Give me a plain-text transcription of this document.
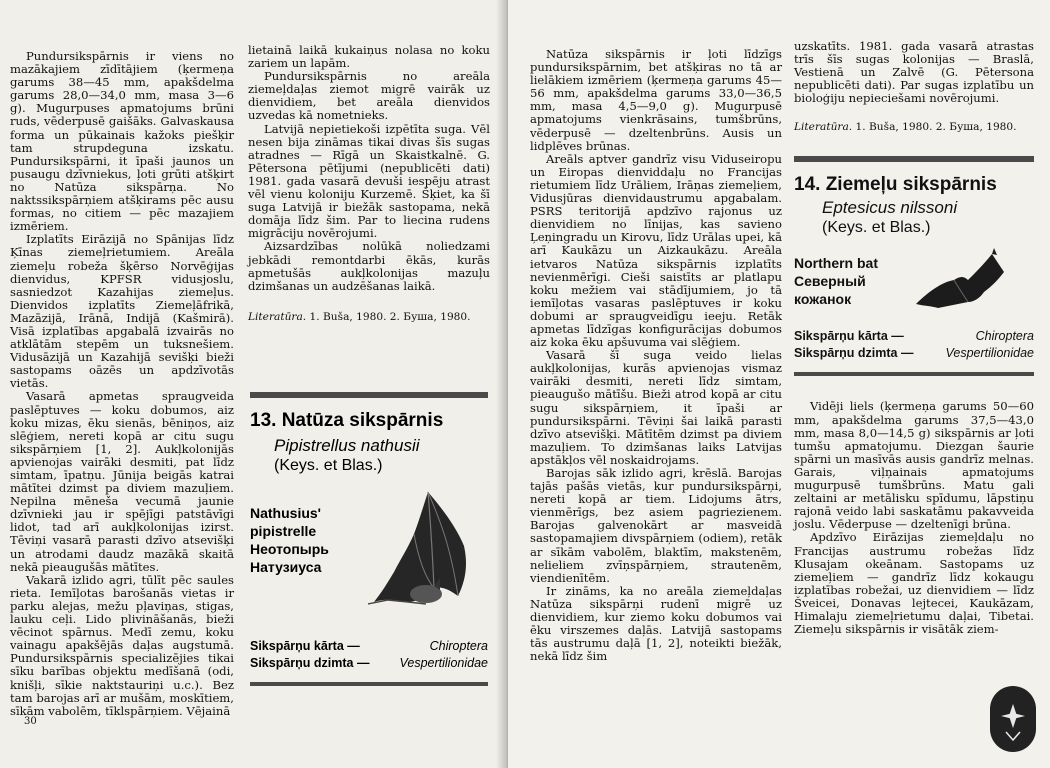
Pundursikspārnis ir viens no mazākajiem zīdītājiem (ķermeņa garums 38—45 mm, apakšdelma garums 28,0—34,0 mm, masa 3—6 g). Mugurpuses apmatojums brūni ruds, vēderpusē gaišāks. Galvaskausa forma un pūkainais kažoks piešķir tam strupdeguna izskatu. Pundursikspārni, it īpaši jaunos un pusaugu dzīvniekus, ļoti grūti atšķirt no Natūza sikspārņa. No naktssikspārņiem atšķirams pēc ausu formas, no citiem — pēc mazajiem izmēriem.

Izplatīts Eirāzijā no Spānijas līdz Ķīnas ziemeļrietumiem. Areāla ziemeļu robeža šķērso Norvēģijas dienvidus, KPFSR vidusjoslu, sasniedzot Kazahijas ziemeļus. Dienvidos izplatīts Ziemeļāfrikā, Mazāzijā, Irānā, Indijā (Kašmirā). Visā izplatības apgabalā izvairās no atklātām stepēm un tuksnešiem. Vidusāzijā un Kazahijā sevišķi bieži sastopams oāzēs un apdzīvotās vietās.

Vasarā apmetas spraugveida paslēptuves — koku dobumos, aiz koku mizas, ēku sienās, bēniņos, aiz slēģiem, nereti kopā ar citu sugu sikspārņiem [1, 2]. Aukļkolonijās apvienojas vairāki desmiti, pat līdz simtam, īpatņu. Jūnija beigās katrai mātītei dzimst pa diviem mazuļiem. Nepilna mēneša vecumā jaunie dzīvnieki jau ir spējīgi patstāvīgi lidot, tad arī aukļkolonijas izirst. Tēviņi vasarā parasti dzīvo atsevišķi un atrodami daudz mazākā skaitā nekā pieaugušās mātītes.

Vakarā izlido agri, tūlīt pēc saules rieta. Iemīļotas barošanās vietas ir parku alejas, mežu pļaviņas, stigas, lauku ceļi. Lido plivināšanās, bieži vēcinot spārnus. Medī zemu, koku vainagu apakšējās daļas augstumā. Pundursikspārnis specializējies tikai sīku barības objektu medīšanā (odi, knišļi, sīkie naktstauriņi u.c.). Bez tam barojas arī ar mušām, moskītiem, sīkām vabolēm, tīklspārņiem. Vējainā

lietainā laikā kukaiņus nolasa no koku zariem un lapām.

Pundursikspārnis no areāla ziemeļdaļas ziemot migrē vairāk uz dienvidiem, bet areāla dienvidos uzvedas kā nometnieks.

Latvijā nepietiekoši izpētīta suga. Vēl nesen bija zināmas tikai divas šīs sugas atradnes — Rīgā un Skaistkalnē. G. Pētersona pētījumi (nepublicēti dati) 1981. gada vasarā devuši iespēju atrast vēl vienu koloniju Kurzemē. Šķiet, ka šī suga Latvijā ir biežāk sastopama, nekā domāja līdz šim. Par to liecina rudens migrāciju novērojumi.

Aizsardzības nolūkā noliedzami jebkādi remontdarbi ēkās, kurās apmetušās aukļkolonijas mazuļu dzimšanas un audzēšanas laikā.

Literatūra. 1. Buša, 1980. 2. Буша, 1980.
13. Natūza sikspārnis
Pipistrellus nathusii
(Keys. et Blas.)
Nathusius'
pipistrelle
Неотопырь
Натузиуса
Sikspārņu kārta —	Chiroptera
Sikspārņu dzimta — Vespertilionidae
30

Natūza sikspārnis ir ļoti līdzīgs pundursikspārnim, bet atšķiras no tā ar lielākiem izmēriem (ķermeņa garums 45—56 mm, apakšdelma garums 33,0—36,5 mm, masa 4,5—9,0 g). Mugurpusē apmatojums vienkrāsains, tumšbrūns, vēderpusē — dzeltenbrūns. Ausis un lidplēves brūnas.

Areāls aptver gandrīz visu Viduseiropu un Eiropas dienviddaļu no Francijas rietumiem līdz Urāliem, Irāņas ziemeļiem, Vidusjūras dienvidaustrumu apgabalam. PSRS teritorijā apdzīvo rajonus uz dienvidiem no līnijas, kas savieno Ļeņingradu un Kirovu, līdz Urālas upei, kā arī Kaukāzu un Aizkaukāzu. Areāla ietvaros Natūza sikspārnis izplatīts nevienmērīgi. Cieši saistīts ar platlapu koku mežiem vai stādījumiem, jo tā iemīļotas vasaras paslēptuves ir koku dobumi ar spraugveidīgu ieeju. Retāk apmetas līdzīgas konfigurācijas dobumos aiz koka ēku apšuvuma vai slēģiem.

Vasarā šī suga veido lielas aukļkolonijas, kurās apvienojas vismaz vairāki desmiti, nereti līdz simtam, pieaugušo mātīšu. Bieži atrod kopā ar citu sugu sikspārņiem, it īpaši ar pundursikspārni. Tēviņi šai laikā parasti dzīvo atsevišķi. Mātītēm dzimst pa diviem mazuļiem. To dzimšanas laiks Latvijas apstākļos vēl noskaidrojams.

Barojas sāk izlido agri, krēslā. Barojas tajās pašās vietās, kur pundursikspārņi, nereti kopā ar tiem. Lidojums ātrs, vienmērīgs, bez asiem pagriezienem. Barojas galvenokārt ar masveidā sastopamajiem divspārņiem (odiem), retāk ar sīkām vabolēm, blaktīm, makstenēm, nelieliem zvīņspārņiem, strautenēm, viendienītēm.

Ir zināms, ka no areāla ziemeļdaļas Natūza sikspārņi rudenī migrē uz dienvidiem, kur ziemo koku dobumos vai ēku virszemes daļās. Latvijā sastopams tās austrumu daļā [1, 2], noteikti biežāk, nekā līdz šim

uzskatīts. 1981. gada vasarā atrastas trīs šīs sugas kolonijas — Braslā, Vestienā un Zalvē (G. Pētersona nepublicēti dati). Par sugas izplatību un bioloģiju nepieciešami novērojumi.

Literatūra. 1. Buša, 1980. 2. Буша, 1980.
14. Ziemeļu sikspārnis
Eptesicus nilssoni
(Keys. et Blas.)
Northern bat
Северный
кожанок
Sikspārņu kārta —	Chiroptera
Sikspārņu dzimta —	Vespertilionidae

Vidēji liels (ķermeņa garums 50—60 mm, apakšdelma garums 37,5—43,0 mm, masa 8,0—14,5 g) sikspārnis ar ļoti tumšu apmatojumu. Diezgan šaurie spārni un masīvās ausis gandrīz melnas. Garais, viļņainais apmatojums mugurpusē tumšbrūns. Matu gali zeltaini ar metālisku spīdumu, lāpstiņu rajonā veido labi saskatāmu pakavveida joslu. Vēderpuse — dzeltenīgi brūna.

Apdzīvo Eirāzijas ziemeļdaļu no Francijas austrumu robežas līdz Klusajam okeānam. Sastopams uz ziemeļiem — gandrīz līdz kokaugu izplatības robežai, uz dienvidiem — līdz Šveicei, Donavas lejtecei, Kaukāzam, Himalaju ziemeļrietumu daļai, Tibetai. Ziemeļu sikspārnis ir visātāk ziem-
